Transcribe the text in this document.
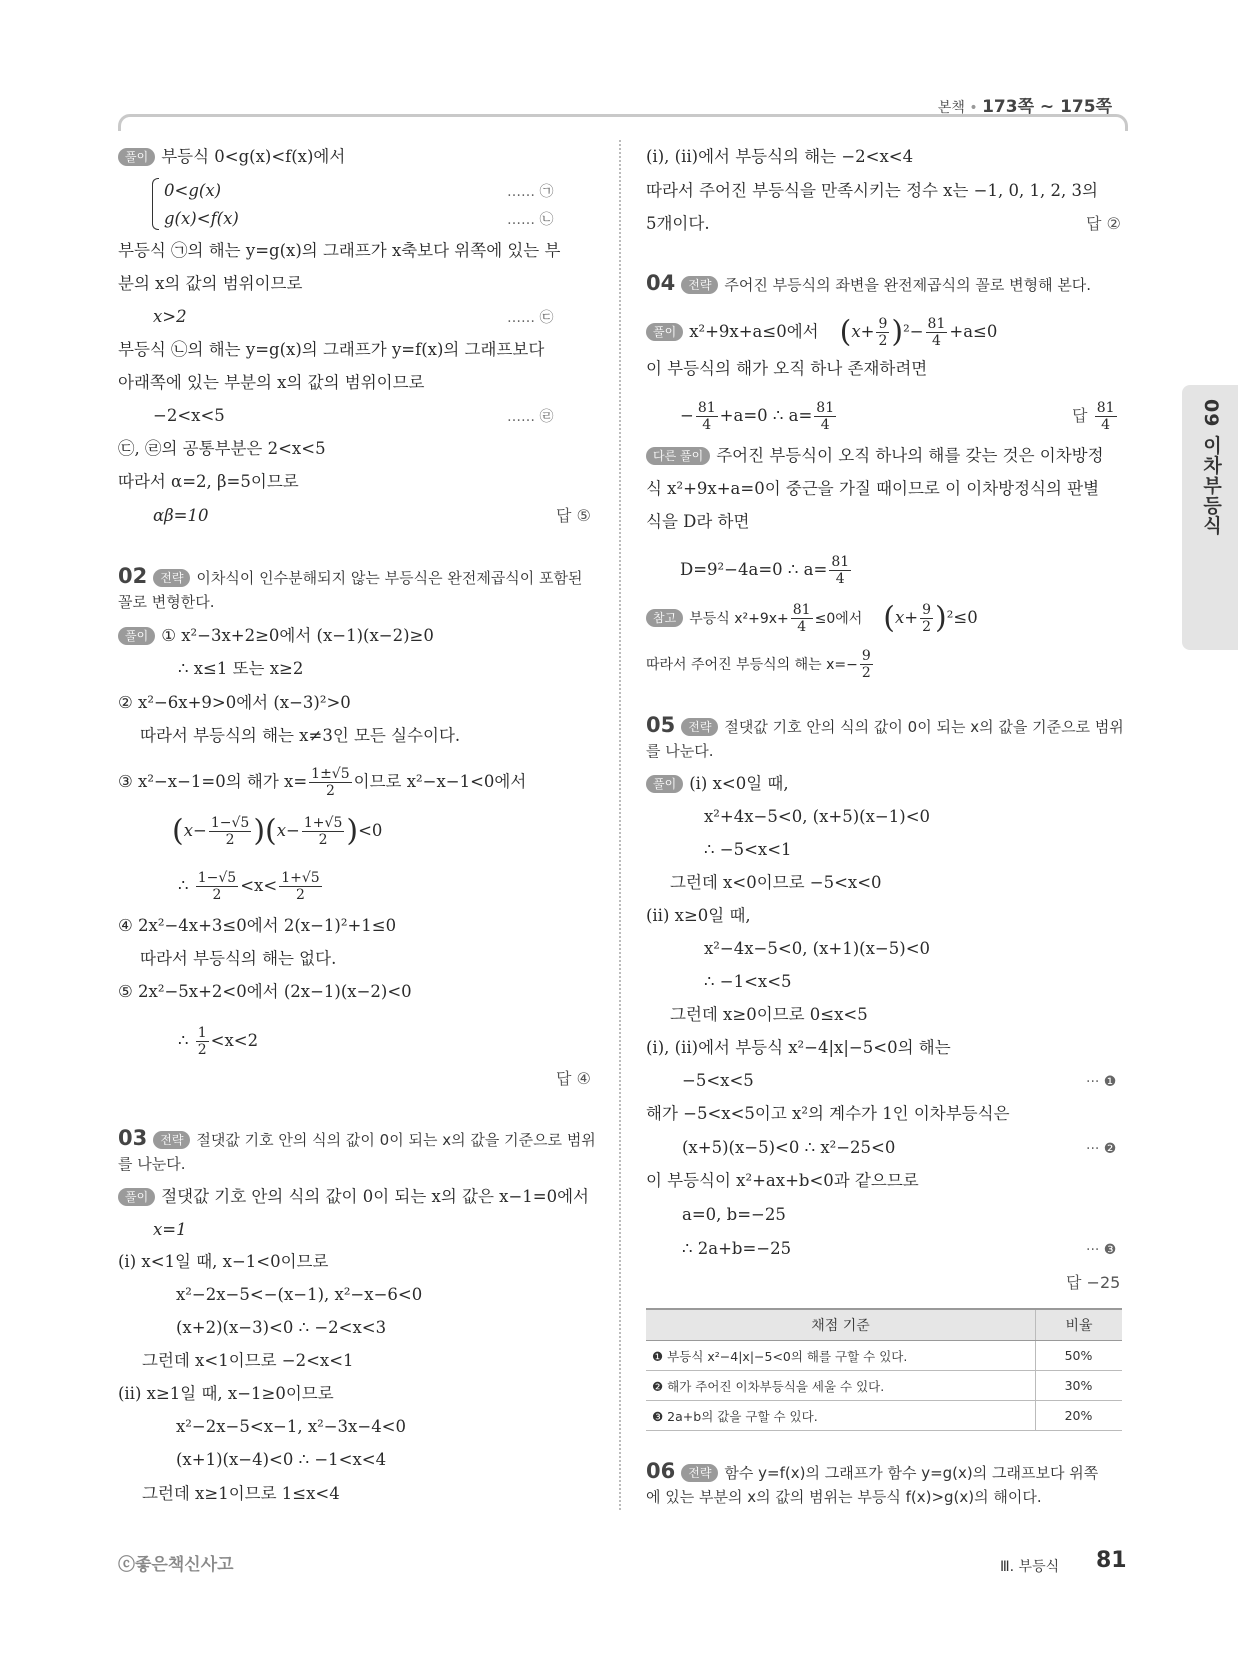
본책 • 173쪽 ~ 175쪽
09 이차부등식
풀이 부등식 0<g(x)<f(x)에서
0<g(x)	…… ㉠
g(x)<f(x)	…… ㉡
부등식 ㉠의 해는 y=g(x)의 그래프가 x축보다 위쪽에 있는 부
분의 x의 값의 범위이므로
x>2	…… ㉢
부등식 ㉡의 해는 y=g(x)의 그래프가 y=f(x)의 그래프보다
아래쪽에 있는 부분의 x의 값의 범위이므로
−2<x<5	…… ㉣
㉢, ㉣의 공통부분은 2<x<5
따라서 α=2, β=5이므로
αβ=10	답 ⑤
02 전략 이차식이 인수분해되지 않는 부등식은 완전제곱식이 포함된
꼴로 변형한다.
풀이 ① x²−3x+2≥0에서 (x−1)(x−2)≥0
∴ x≤1 또는 x≥2
② x²−6x+9>0에서 (x−3)²>0
따라서 부등식의 해는 x≠3인 모든 실수이다.
③ x²−x−1=0의 해가 $x= \frac{1\pm√5}{2}$ 이므로 x²−x−1<0에서
$(x- \frac{1-√5}{2} )(x- \frac{1+√5}{2} )<0$
∴ $\frac{1-√5}{2} <x< \frac{1+√5}{2}$
④ 2x²−4x+3≤0에서 2(x−1)²+1≤0
따라서 부등식의 해는 없다.
⑤ 2x²−5x+2<0에서 (2x−1)(x−2)<0
∴ $\frac{1}{2} <x<2$
답 ④
03 전략 절댓값 기호 안의 식의 값이 0이 되는 x의 값을 기준으로 범위
를 나눈다.
풀이 절댓값 기호 안의 식의 값이 0이 되는 x의 값은 x−1=0에서
x=1
(ⅰ) x<1일 때, x−1<0이므로
x²−2x−5<−(x−1), x²−x−6<0
(x+2)(x−3)<0 ∴ −2<x<3
그런데 x<1이므로 −2<x<1
(ⅱ) x≥1일 때, x−1≥0이므로
x²−2x−5<x−1, x²−3x−4<0
(x+1)(x−4)<0 ∴ −1<x<4
그런데 x≥1이므로 1≤x<4
(ⅰ), (ⅱ)에서 부등식의 해는 −2<x<4
따라서 주어진 부등식을 만족시키는 정수 x는 −1, 0, 1, 2, 3의
5개이다.	답 ②
04 전략 주어진 부등식의 좌변을 완전제곱식의 꼴로 변형해 본다.
풀이 x²+9x+a≤0에서 $(x+ \frac{9}{2} )^2- \frac{81}{4} +a\le 0$
이 부등식의 해가 오직 하나 존재하려면
− $\frac{81}{4} +a=0$ ∴ $a= \frac{81}{4}$	답 $\frac{81}{4}$
다른 풀이 주어진 부등식이 오직 하나의 해를 갖는 것은 이차방정
식 x²+9x+a=0이 중근을 가질 때이므로 이 이차방정식의 판별
식을 D라 하면
D=9²−4a=0 ∴ $a= \frac{81}{4}$
참고 부등식 $x^2+9x+ \frac{81}{4} \le 0$에서 $(x+ \frac{9}{2} )^2\le 0$
따라서 주어진 부등식의 해는 $x=- \frac{9}{2}$
05 전략 절댓값 기호 안의 식의 값이 0이 되는 x의 값을 기준으로 범위
를 나눈다.
풀이 (ⅰ) x<0일 때,
x²+4x−5<0, (x+5)(x−1)<0
∴ −5<x<1
그런데 x<0이므로 −5<x<0
(ⅱ) x≥0일 때,
x²−4x−5<0, (x+1)(x−5)<0
∴ −1<x<5
그런데 x≥0이므로 0≤x<5
(ⅰ), (ⅱ)에서 부등식 x²−4|x|−5<0의 해는
−5<x<5	··· ❶
해가 −5<x<5이고 x²의 계수가 1인 이차부등식은
(x+5)(x−5)<0 ∴ x²−25<0	··· ❷
이 부등식이 x²+ax+b<0과 같으므로
a=0, b=−25
∴ 2a+b=−25	··· ❸
답 −25
채점 기준	비율
❶ 부등식 x²−4|x|−5<0의 해를 구할 수 있다.	50%
❷ 해가 주어진 이차부등식을 세울 수 있다.	30%
❸ 2a+b의 값을 구할 수 있다.	20%
06 전략 함수 y=f(x)의 그래프가 함수 y=g(x)의 그래프보다 위쪽
에 있는 부분의 x의 값의 범위는 부등식 f(x)>g(x)의 해이다.
ⓒ좋은책신사고	Ⅲ. 부등식 81
